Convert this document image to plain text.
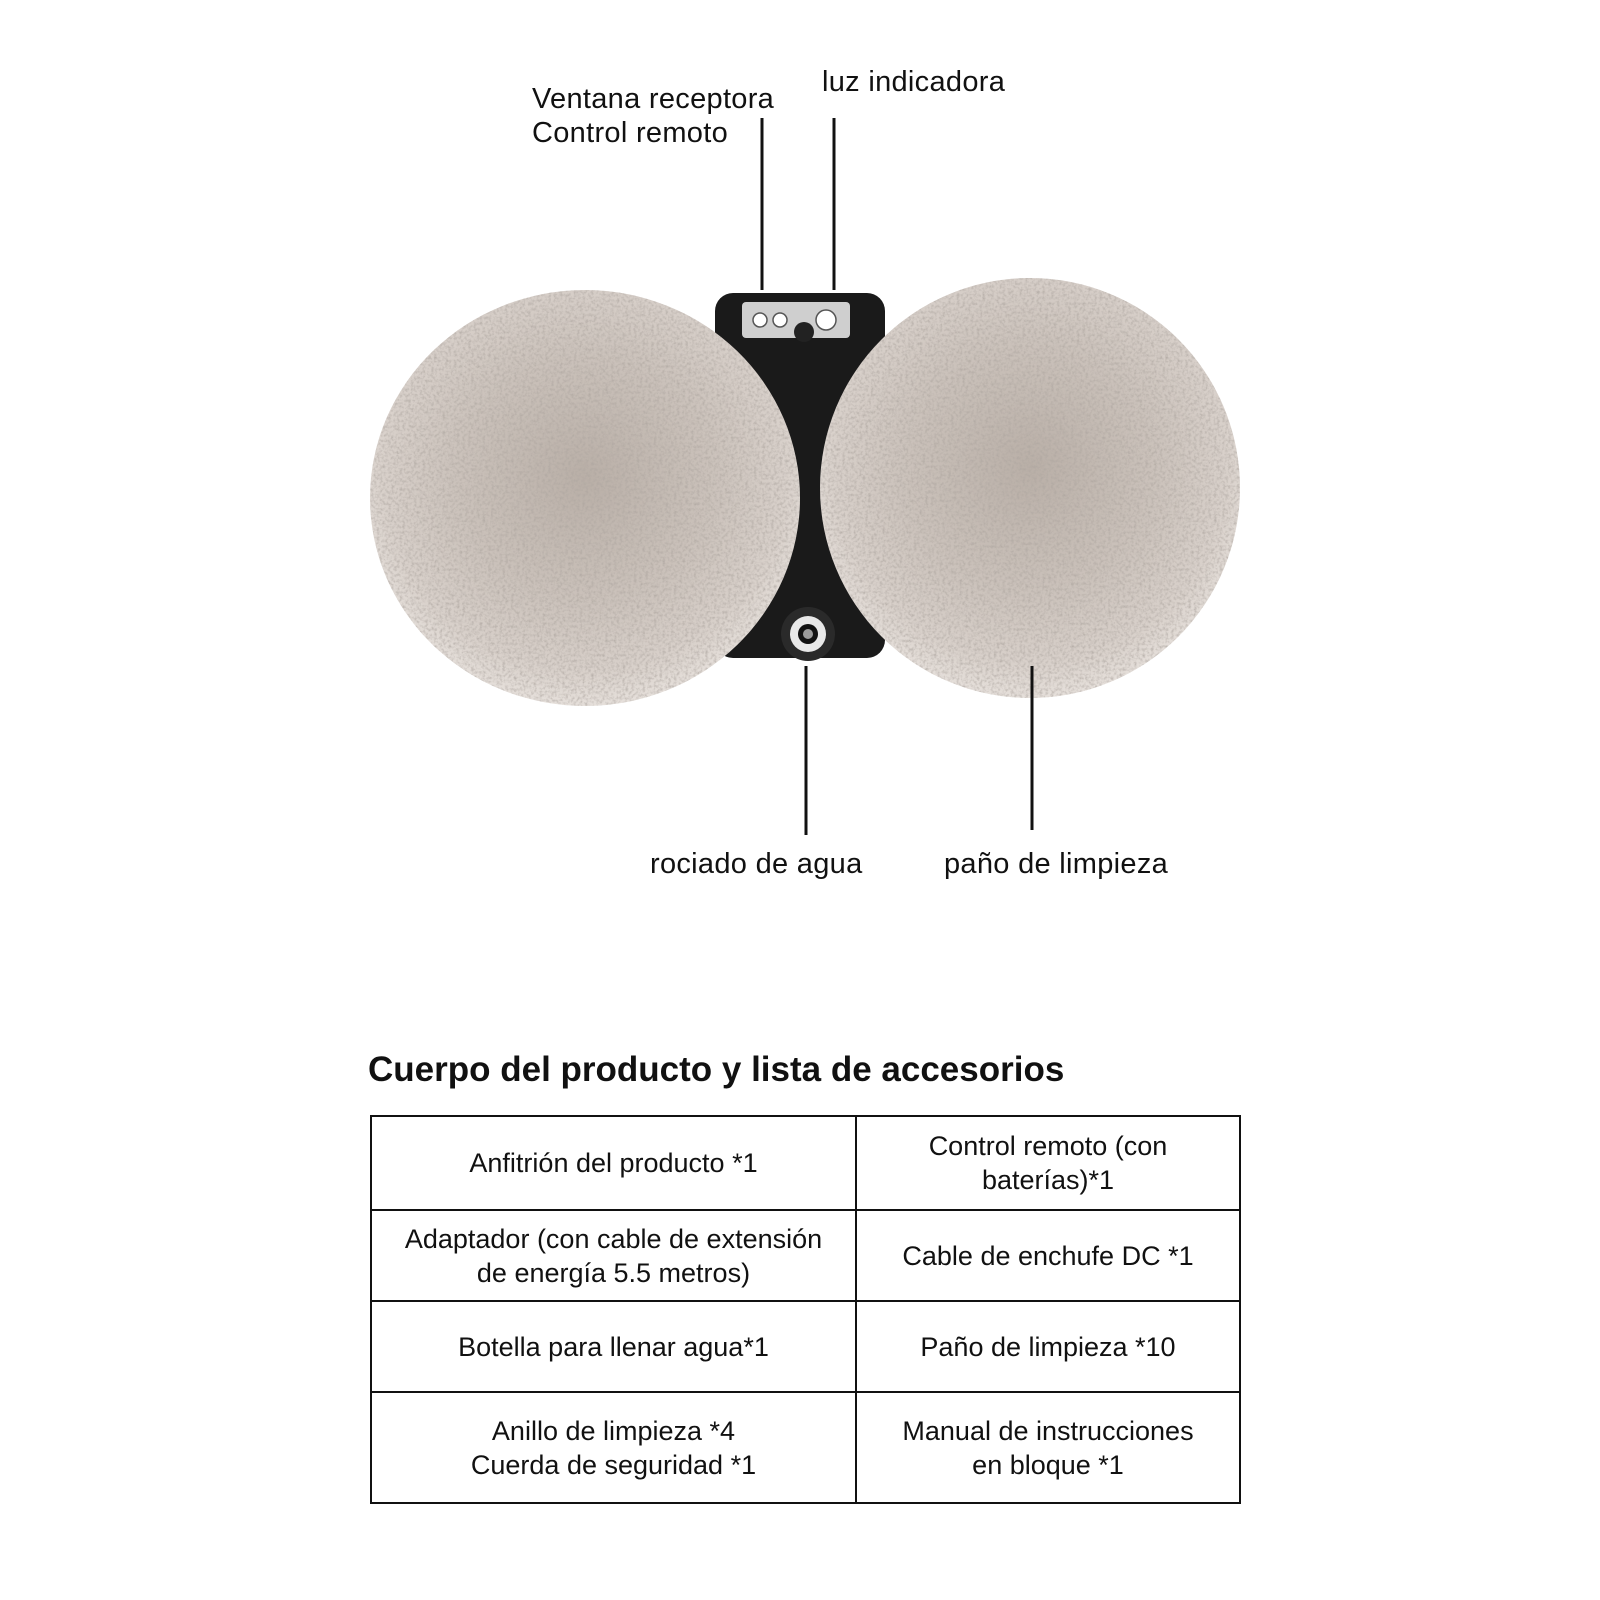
Ventana receptora
Control remoto
luz indicadora
rociado de agua	paño de limpieza
Cuerpo del producto y lista de accesorios
Anfitrión del producto *1
Control remoto (con
baterías)*1
Adaptador (con cable de extensión
de energía 5.5 metros)
Cable de enchufe DC *1
Botella para llenar agua*1	Paño de limpieza *10
Anillo de limpieza *4
Cuerda de seguridad *1
Manual de instrucciones
en bloque *1
